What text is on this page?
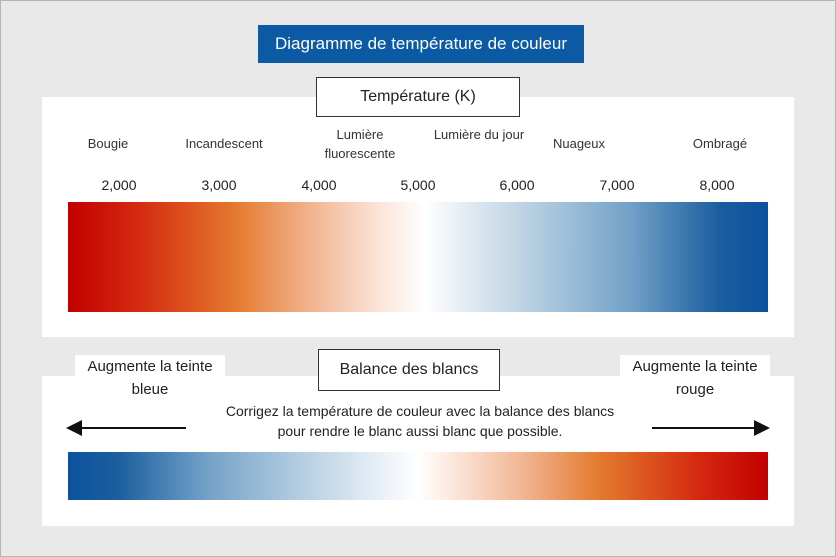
Diagramme de température de couleur
Température (K)
Bougie	Incandescent
Lumière fluorescente
Lumière du jour
Nuageux	Ombragé
2,000	3,000	4,000	5,000	6,000	7,000	8,000
Augmente la teinte bleue
Augmente la teinte rouge
Balance des blancs
Corrigez la température de couleur avec la balance des blancs pour rendre le blanc aussi blanc que possible.
